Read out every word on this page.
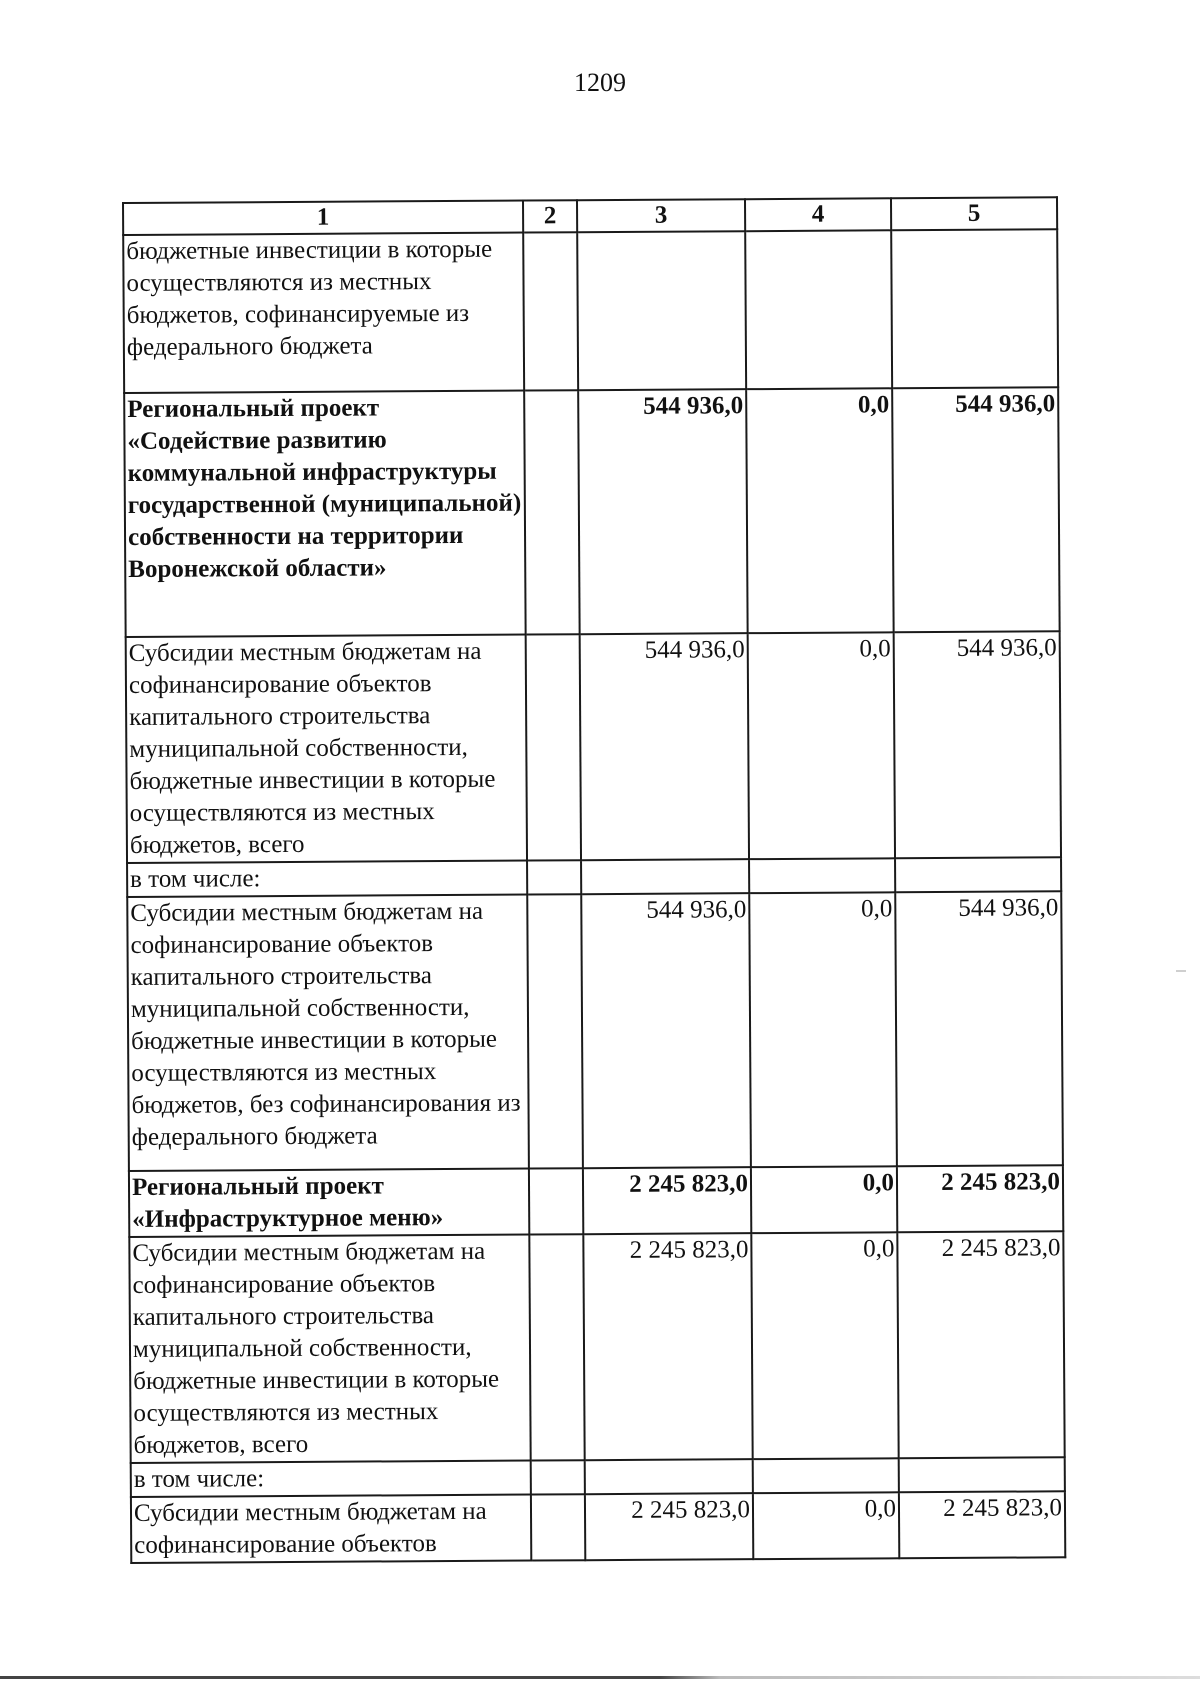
1209
1	2	3	4	5
бюджетные инвестиции в которые осуществляются из местных бюджетов, софинансируемые из федерального бюджета				
Региональный проект «Содействие развитию коммунальной инфраструктуры государственной (муниципальной) собственности на территории Воронежской области»		544 936,0	0,0	544 936,0
Субсидии местным бюджетам на софинансирование объектов капитального строительства муниципальной собственности, бюджетные инвестиции в которые осуществляются из местных бюджетов, всего		544 936,0	0,0	544 936,0
в том числе:				
Субсидии местным бюджетам на софинансирование объектов капитального строительства муниципальной собственности, бюджетные инвестиции в которые осуществляются из местных бюджетов, без софинансирования из федерального бюджета		544 936,0	0,0	544 936,0
Региональный проект «Инфраструктурное меню»		2 245 823,0	0,0	2 245 823,0
Субсидии местным бюджетам на софинансирование объектов капитального строительства муниципальной собственности, бюджетные инвестиции в которые осуществляются из местных бюджетов, всего		2 245 823,0	0,0	2 245 823,0
в том числе:				
Субсидии местным бюджетам на софинансирование объектов		2 245 823,0	0,0	2 245 823,0
